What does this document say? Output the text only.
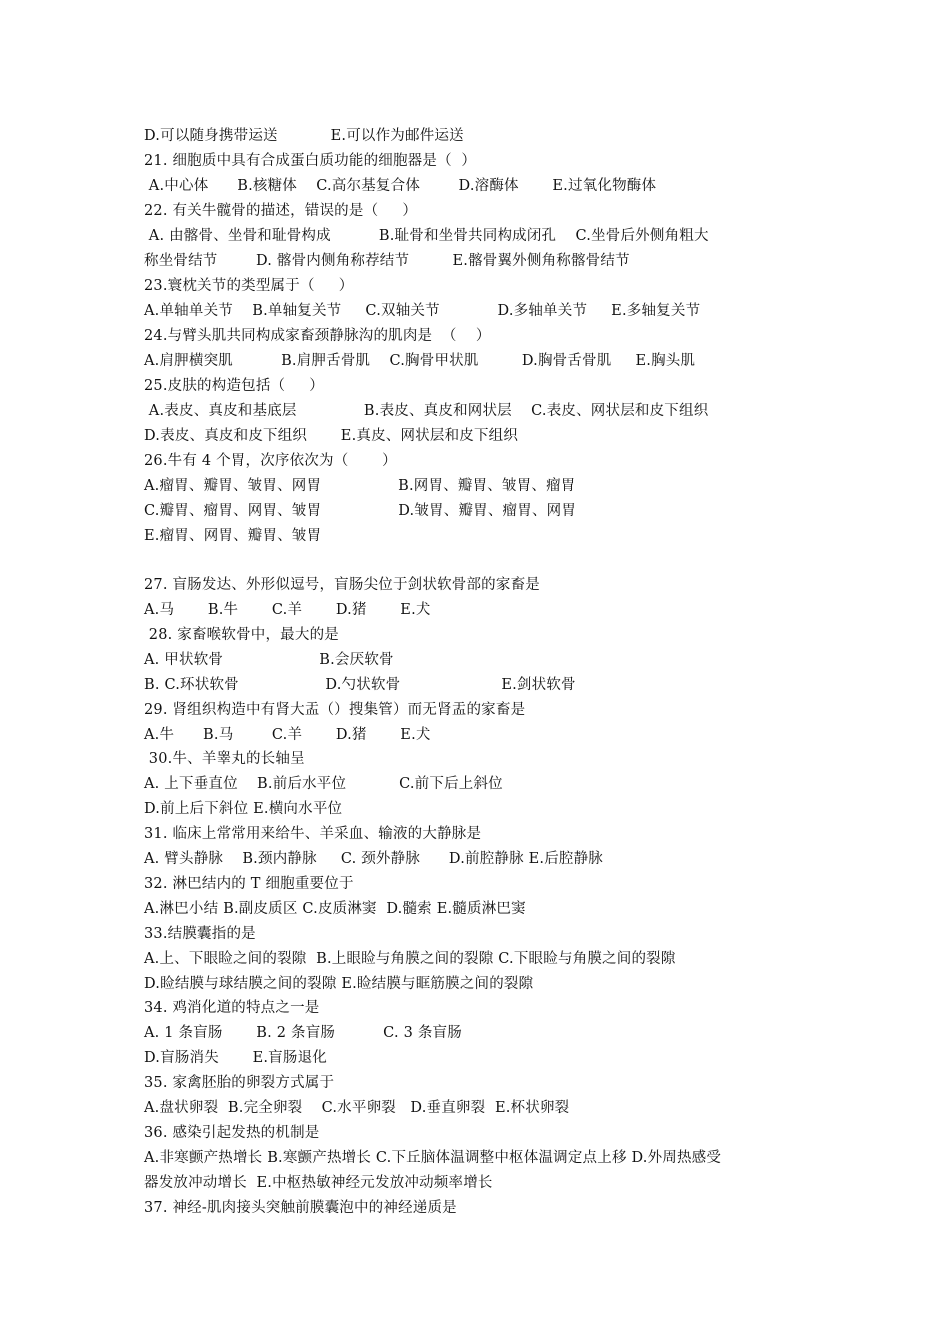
D.可以随身携带运送           E.可以作为邮件运送
21. 细胞质中具有合成蛋白质功能的细胞器是（  ）
A.中心体      B.核糖体    C.高尔基复合体        D.溶酶体       E.过氧化物酶体
22. 有关牛髋骨的描述，错误的是（     ）
A. 由髂骨、坐骨和耻骨构成          B.耻骨和坐骨共同构成闭孔    C.坐骨后外侧角粗大
称坐骨结节        D. 髂骨内侧角称荐结节         E.髂骨翼外侧角称髂骨结节
23.寰枕关节的类型属于（     ）
A.单轴单关节    B.单轴复关节     C.双轴关节            D.多轴单关节     E.多轴复关节
24.与臂头肌共同构成家畜颈静脉沟的肌肉是  （    ）
A.肩胛横突肌          B.肩胛舌骨肌    C.胸骨甲状肌         D.胸骨舌骨肌     E.胸头肌
25.皮肤的构造包括（     ）
A.表皮、真皮和基底层              B.表皮、真皮和网状层    C.表皮、网状层和皮下组织
D.表皮、真皮和皮下组织       E.真皮、网状层和皮下组织
26.牛有 4 个胃，次序依次为（       ）
A.瘤胃、瓣胃、皱胃、网胃                B.网胃、瓣胃、皱胃、瘤胃
C.瓣胃、瘤胃、网胃、皱胃                D.皱胃、瓣胃、瘤胃、网胃
E.瘤胃、网胃、瓣胃、皱胃
27. 盲肠发达、外形似逗号，盲肠尖位于剑状软骨部的家畜是
A.马       B.牛       C.羊       D.猪       E.犬
28. 家畜喉软骨中，最大的是
A. 甲状软骨                    B.会厌软骨
B. C.环状软骨                  D.勺状软骨                     E.剑状软骨
29. 肾组织构造中有肾大盂（）搜集管）而无肾盂的家畜是
A.牛      B.马        C.羊       D.猪       E.犬
30.牛、羊睾丸的长轴呈
A. 上下垂直位    B.前后水平位           C.前下后上斜位
D.前上后下斜位 E.横向水平位
31. 临床上常常用来给牛、羊采血、输液的大静脉是
A. 臂头静脉    B.颈内静脉     C. 颈外静脉      D.前腔静脉 E.后腔静脉
32. 淋巴结内的 T 细胞重要位于
A.淋巴小结 B.副皮质区 C.皮质淋窦  D.髓索 E.髓质淋巴窦
33.结膜囊指的是
A.上、下眼睑之间的裂隙  B.上眼睑与角膜之间的裂隙 C.下眼睑与角膜之间的裂隙
D.睑结膜与球结膜之间的裂隙 E.睑结膜与眶筋膜之间的裂隙
34. 鸡消化道的特点之一是
A. 1 条盲肠       B. 2 条盲肠          C. 3 条盲肠
D.盲肠消失       E.盲肠退化
35. 家禽胚胎的卵裂方式属于
A.盘状卵裂  B.完全卵裂    C.水平卵裂   D.垂直卵裂  E.杯状卵裂
36. 感染引起发热的机制是
A.非寒颤产热增长 B.寒颤产热增长 C.下丘脑体温调整中枢体温调定点上移 D.外周热感受
器发放冲动增长  E.中枢热敏神经元发放冲动频率增长
37. 神经-肌肉接头突触前膜囊泡中的神经递质是
